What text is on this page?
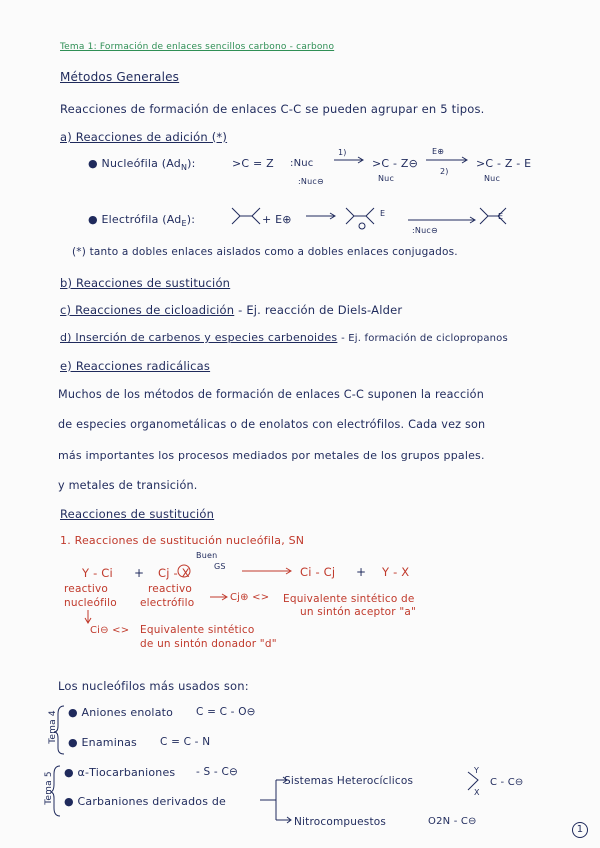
Tema 1: Formación de enlaces sencillos carbono - carbono
Métodos Generales
Reacciones de formación de enlaces C-C se pueden agrupar en 5 tipos.
a) Reacciones de adición (*)
● Nucleófila $(Ad_N)$:	>C = Z :Nuc
1)
>C - Z⊖
Nuc
E⊕
2)
>C - Z - E
Nuc
:Nuc⊖
● Electrófila $(Ad_E)$:	+ E⊕	E
:Nuc⊖
E
(*) tanto a dobles enlaces aislados como a dobles enlaces conjugados.
b) Reacciones de sustitución
c) Reacciones de cicloadición - Ej. reacción de Diels-Alder
d) Inserción de carbenos y especies carbenoides - Ej. formación de ciclopropanos
e) Reacciones radicálicas
Muchos de los métodos de formación de enlaces C-C suponen la reacción
de especies organometálicas o de enolatos con electrófilos. Cada vez son
más importantes los procesos mediados por metales de los grupos ppales.
y metales de transición.
Reacciones de sustitución
1. Reacciones de sustitución nucleófila, SN
Buen
GS
Y - Ci + Cj - X	Ci - Cj + Y - X
reactivo
nucleófilo
reactivo
electrófilo	Cj⊕ <> Equivalente sintético de
un sintón aceptor "a"
Ci⊖ <> Equivalente sintético
de un sintón donador "d"
Los nucleófilos más usados son:
Tema 4 ● Aniones enolato C = C - O⊖
● Enaminas C = C - N
Tema 5 ● α-Tiocarbaniones - S - C⊖
● Carbaniones derivados de
Sistemas Heterocíclicos
Y
X
C - C⊖
Nitrocompuestos	O2N - C⊖
1
